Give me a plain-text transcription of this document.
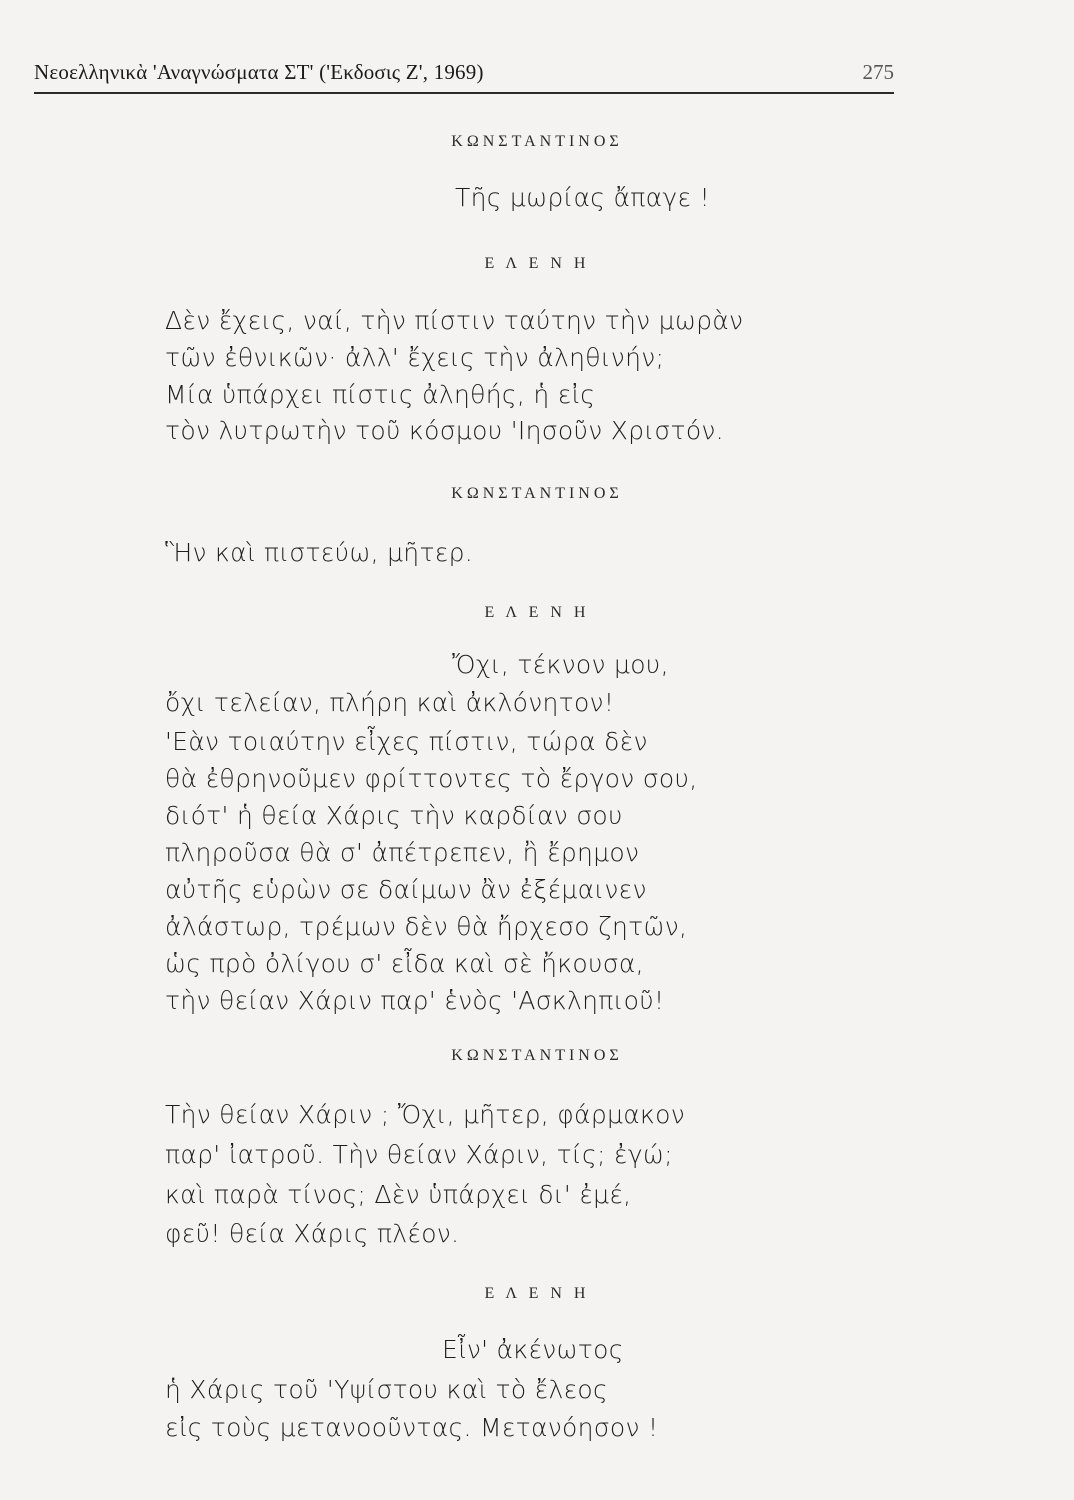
Νεοελληνικὰ 'Αναγνώσματα ΣΤ' ('Εκδοσις Ζ', 1969)	275
ΚΩΝΣΤΑΝΤΙΝΟΣ
Τῆς μωρίας ἄπαγε !
Ε Λ Ε Ν Η
Δὲν ἔχεις, ναί, τὴν πίστιν ταύτην τὴν μωρὰν
τῶν ἐθνικῶν· ἀλλ' ἔχεις τὴν ἀληθινήν;
Μία ὑπάρχει πίστις ἀληθής, ἡ εἰς
τὸν λυτρωτὴν τοῦ κόσμου 'Ιησοῦν Χριστόν.
ΚΩΝΣΤΑΝΤΙΝΟΣ
Ἣν καὶ πιστεύω, μῆτερ.
Ε Λ Ε Ν Η
Ὄχι, τέκνον μου,
ὄχι τελείαν, πλήρη καὶ ἀκλόνητον!
'Εὰν τοιαύτην εἶχες πίστιν, τώρα δὲν
θὰ ἐθρηνοῦμεν φρίττοντες τὸ ἔργον σου,
διότ' ἡ θεία Χάρις τὴν καρδίαν σου
πληροῦσα θὰ σ' ἀπέτρεπεν, ἢ ἔρημον
αὐτῆς εὑρὼν σε δαίμων ἂν ἐξέμαινεν
ἀλάστωρ, τρέμων δὲν θὰ ἤρχεσο ζητῶν,
ὡς πρὸ ὀλίγου σ' εἶδα καὶ σὲ ἤκουσα,
τὴν θείαν Χάριν παρ' ἑνὸς 'Ασκληπιοῦ!
ΚΩΝΣΤΑΝΤΙΝΟΣ
Τὴν θείαν Χάριν ; Ὄχι, μῆτερ, φάρμακον
παρ' ἰατροῦ. Τὴν θείαν Χάριν, τίς; ἐγώ;
καὶ παρὰ τίνος; Δὲν ὑπάρχει δι' ἐμέ,
φεῦ! θεία Χάρις πλέον.
Ε Λ Ε Ν Η
Εἶν' ἀκένωτος
ἡ Χάρις τοῦ 'Υψίστου καὶ τὸ ἔλεος
εἰς τοὺς μετανοοῦντας. Μετανόησον !
